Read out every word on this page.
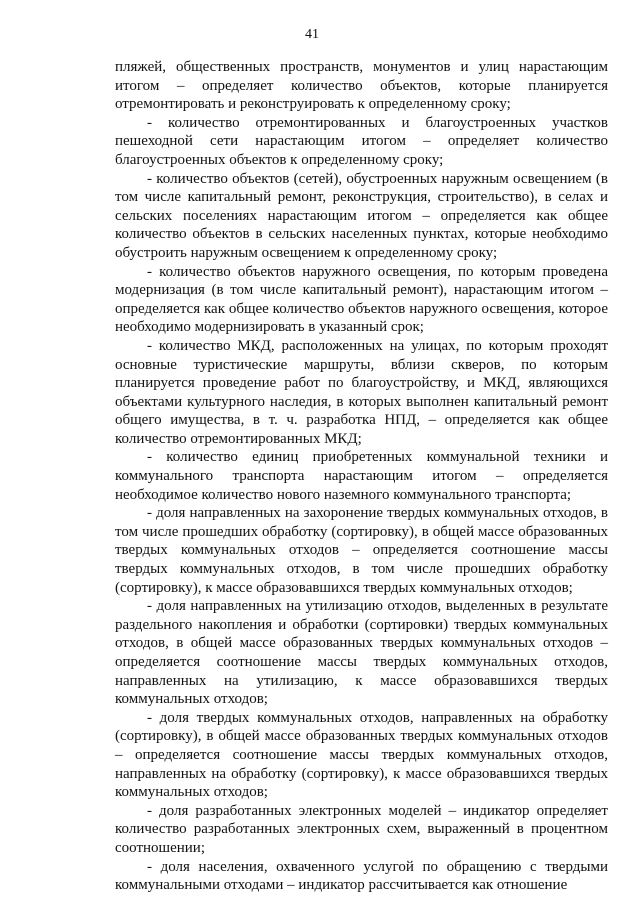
41

пляжей, общественных пространств, монументов и улиц нарастающим итогом – определяет количество объектов, которые планируется отремонтировать и реконструировать к определенному сроку;

- количество отремонтированных и благоустроенных участков пешеходной сети нарастающим итогом – определяет количество благоустроенных объектов к определенному сроку;

- количество объектов (сетей), обустроенных наружным освещением (в том числе капитальный ремонт, реконструкция, строительство), в селах и сельских поселениях нарастающим итогом – определяется как общее количество объектов в сельских населенных пунктах, которые необходимо обустроить наружным освещением к определенному сроку;

- количество объектов наружного освещения, по которым проведена модернизация (в том числе капитальный ремонт), нарастающим итогом – определяется как общее количество объектов наружного освещения, которое необходимо модернизировать в указанный срок;

- количество МКД, расположенных на улицах, по которым проходят основные туристические маршруты, вблизи скверов, по которым планируется проведение работ по благоустройству, и МКД, являющихся объектами культурного наследия, в которых выполнен капитальный ремонт общего имущества, в т. ч. разработка НПД, – определяется как общее количество отремонтированных МКД;

- количество единиц приобретенных коммунальной техники и коммунального транспорта нарастающим итогом – определяется необходимое количество нового наземного коммунального транспорта;

- доля направленных на захоронение твердых коммунальных отходов, в том числе прошедших обработку (сортировку), в общей массе образованных твердых коммунальных отходов – определяется соотношение массы твердых коммунальных отходов, в том числе прошедших обработку (сортировку), к массе образовавшихся твердых коммунальных отходов;

- доля направленных на утилизацию отходов, выделенных в результате раздельного накопления и обработки (сортировки) твердых коммунальных отходов, в общей массе образованных твердых коммунальных отходов – определяется соотношение массы твердых коммунальных отходов, направленных на утилизацию, к массе образовавшихся твердых коммунальных отходов;

- доля твердых коммунальных отходов, направленных на обработку (сортировку), в общей массе образованных твердых коммунальных отходов – определяется соотношение массы твердых коммунальных отходов, направленных на обработку (сортировку), к массе образовавшихся твердых коммунальных отходов;

- доля разработанных электронных моделей – индикатор определяет количество разработанных электронных схем, выраженный в процентном соотношении;

- доля населения, охваченного услугой по обращению с твердыми коммунальными отходами – индикатор рассчитывается как отношение
